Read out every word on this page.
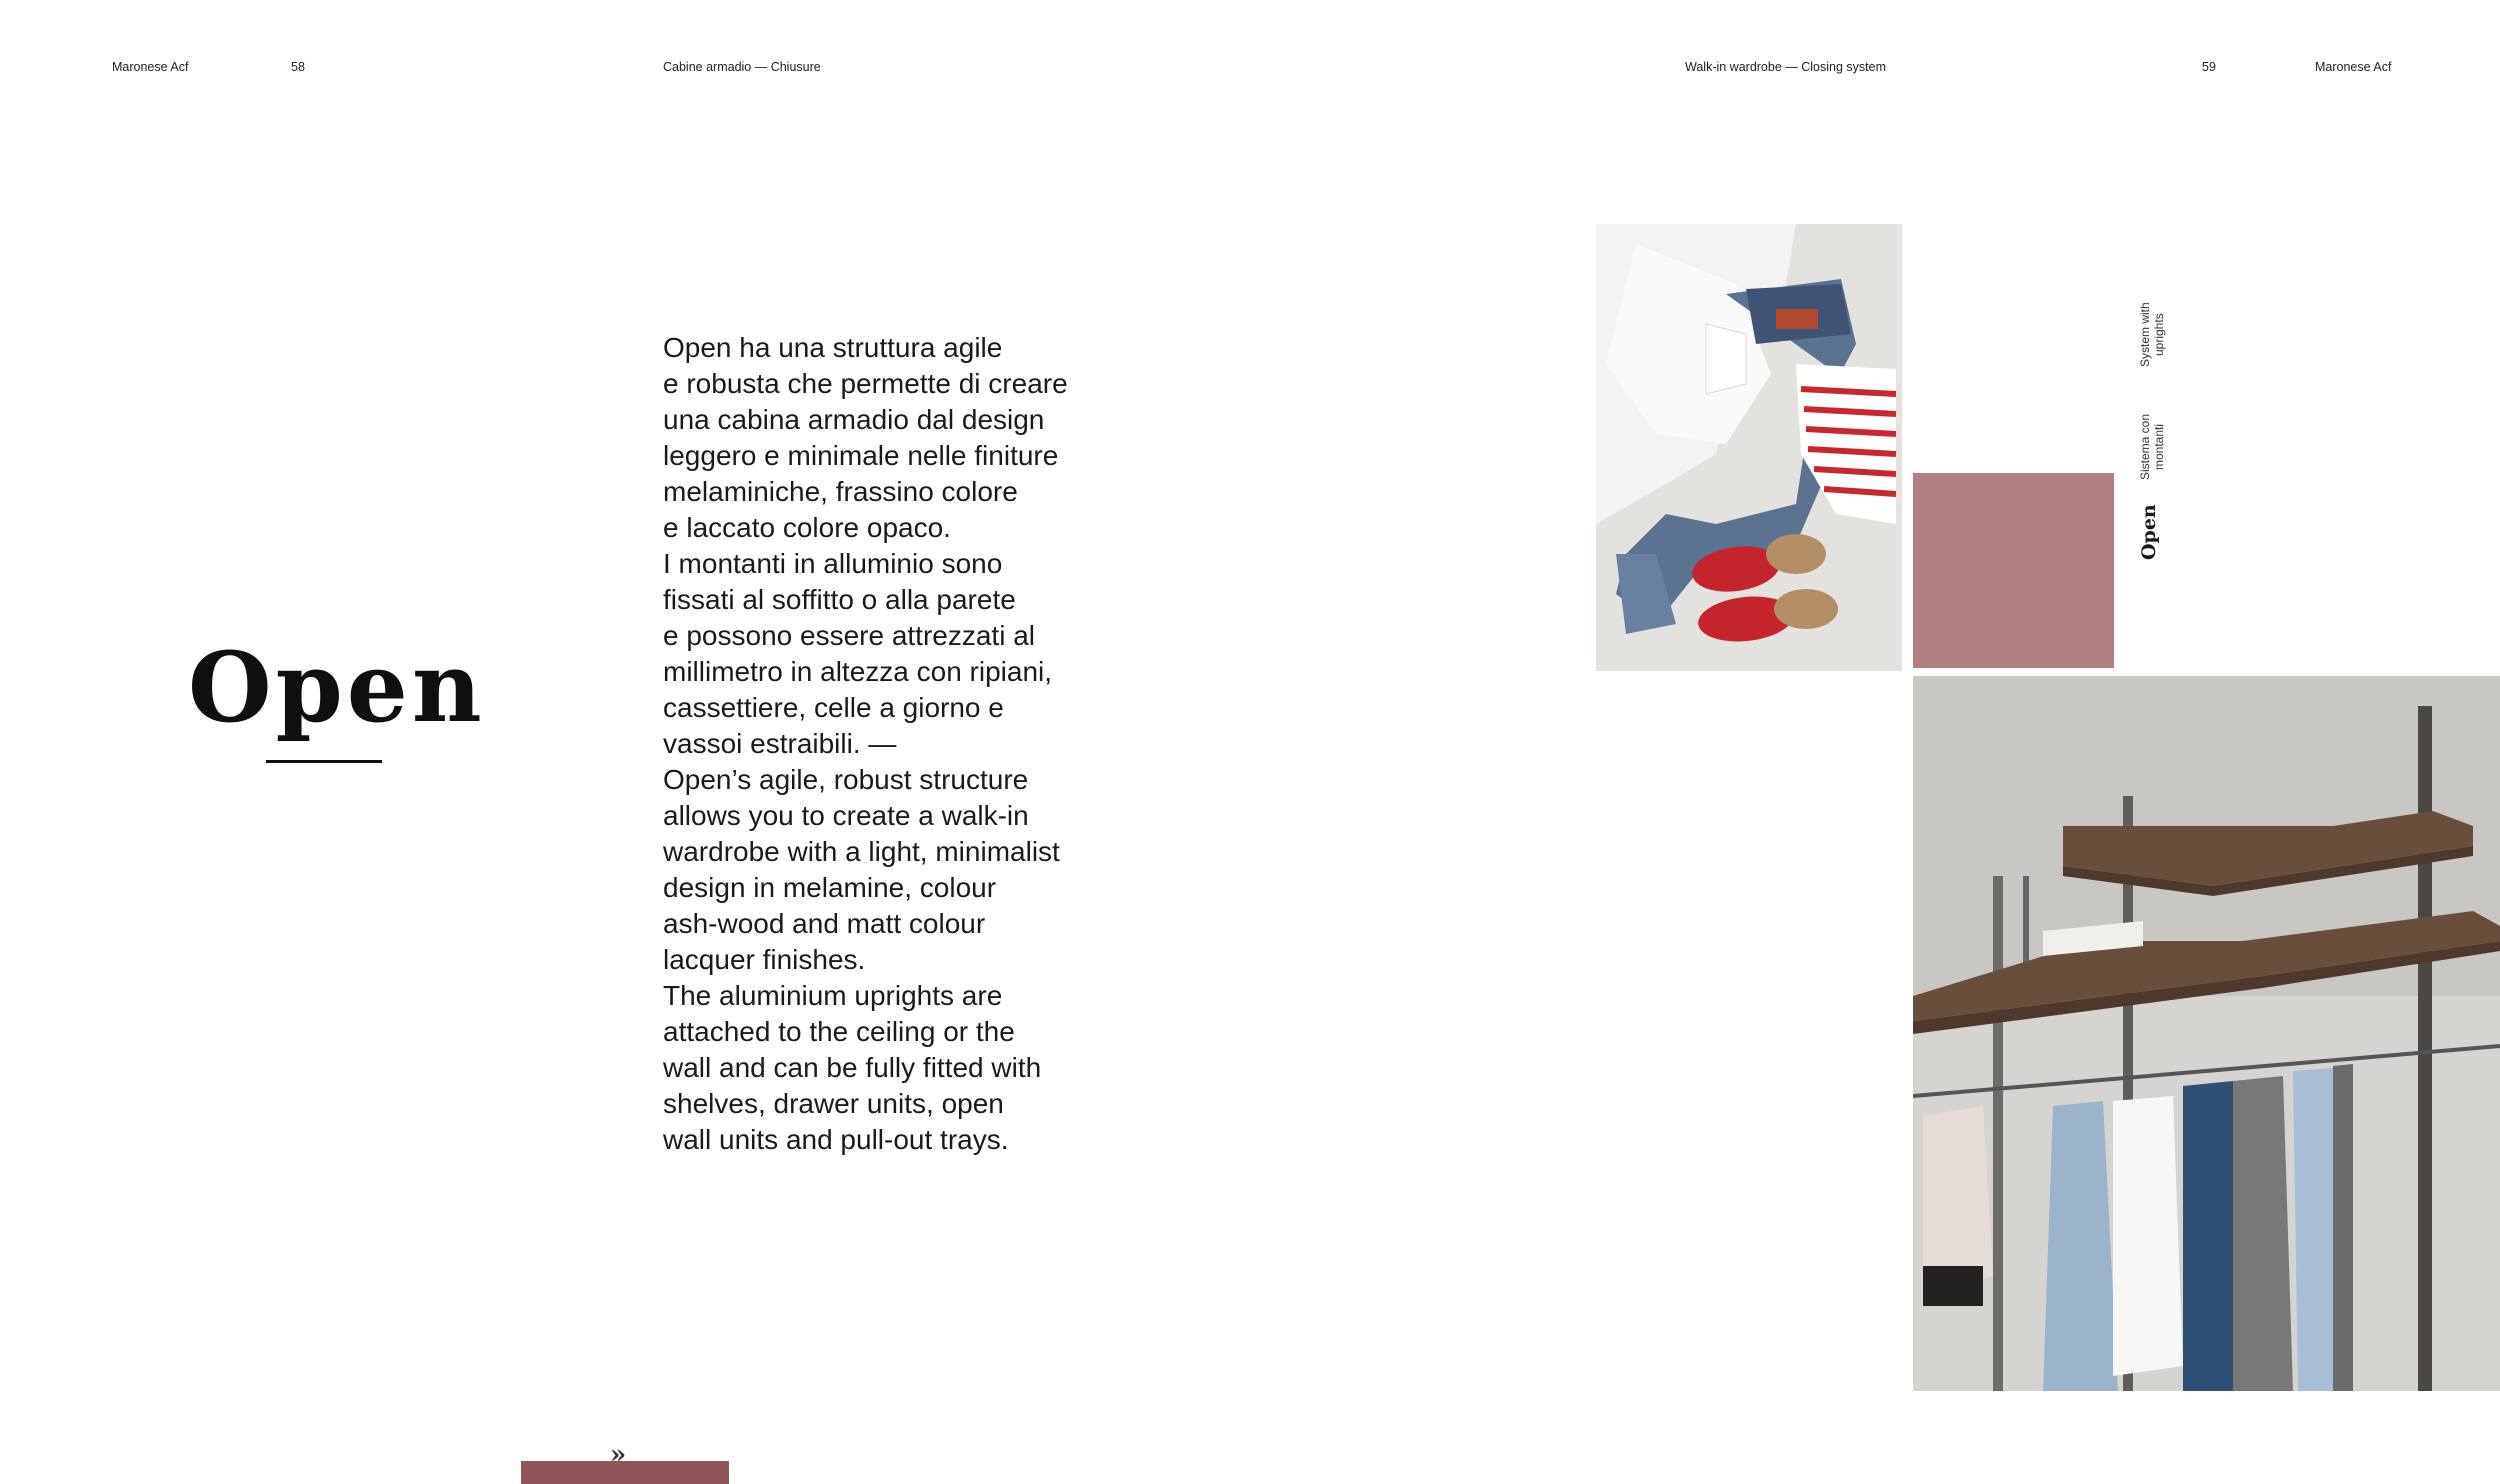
Maronese Acf	58	Cabine armadio — Chiusure	Walk-in wardrobe — Closing system	59	Maronese Acf
Open

Open ha una struttura agile
e robusta che permette di creare
una cabina armadio dal design
leggero e minimale nelle finiture
melaminiche, frassino colore
e laccato colore opaco.
I montanti in alluminio sono
fissati al soffitto o alla parete
e possono essere attrezzati al
millimetro in altezza con ripiani,
cassettiere, celle a giorno e
vassoi estraibili. —

Open’s agile, robust structure
allows you to create a walk-in
wardrobe with a light, minimalist
design in melamine, colour
ash-wood and matt colour
lacquer finishes.
The aluminium uprights are
attached to the ceiling or the
wall and can be fully fitted with
shelves, drawer units, open
wall units and pull-out trays.

Open
Sistema con montanti
System with uprights
»
